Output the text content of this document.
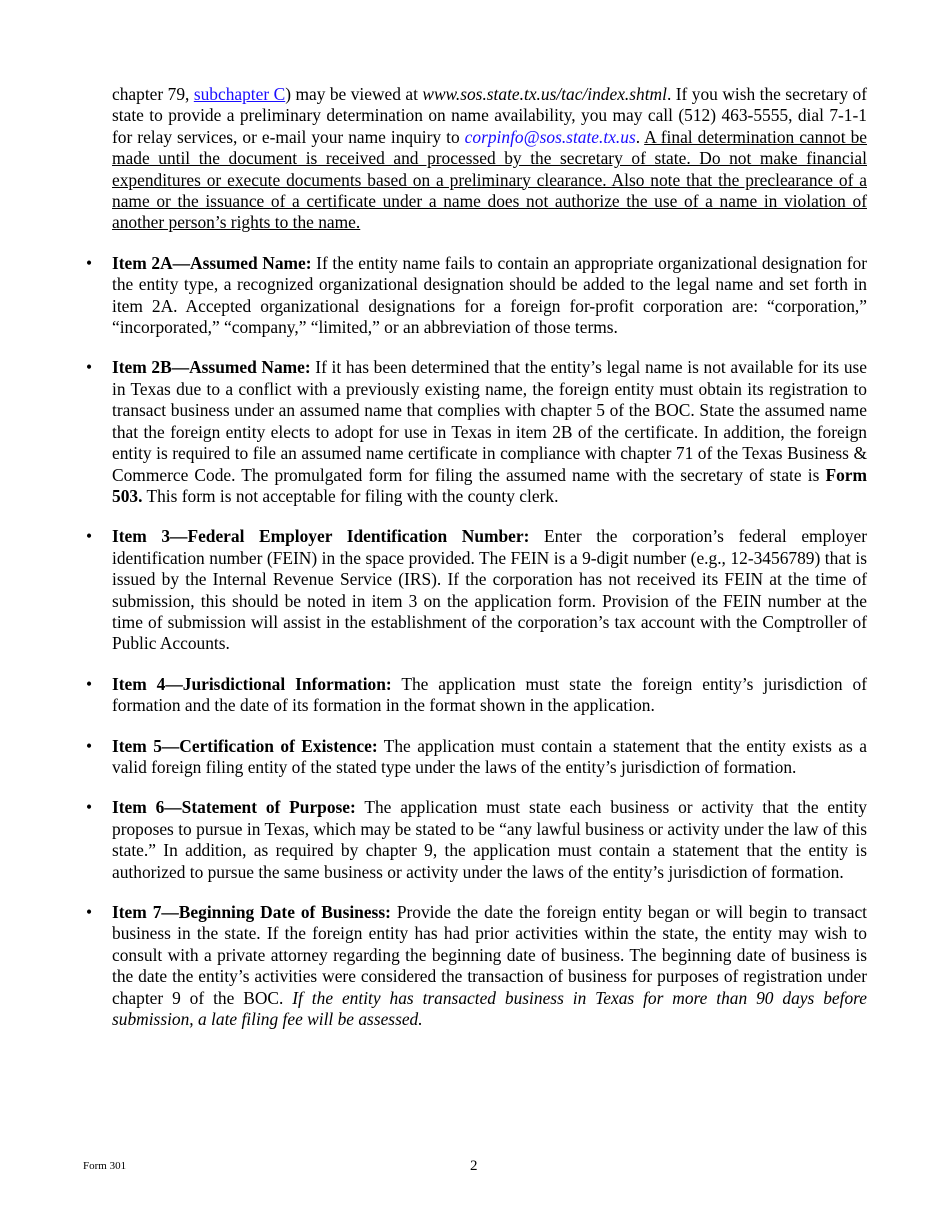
chapter 79, subchapter C) may be viewed at www.sos.state.tx.us/tac/index.shtml. If you wish the secretary of state to provide a preliminary determination on name availability, you may call (512) 463-5555, dial 7-1-1 for relay services, or e-mail your name inquiry to corpinfo@sos.state.tx.us. A final determination cannot be made until the document is received and processed by the secretary of state. Do not make financial expenditures or execute documents based on a preliminary clearance. Also note that the preclearance of a name or the issuance of a certificate under a name does not authorize the use of a name in violation of another person’s rights to the name.

• Item 2A—Assumed Name: If the entity name fails to contain an appropriate organizational designation for the entity type, a recognized organizational designation should be added to the legal name and set forth in item 2A. Accepted organizational designations for a foreign for-profit corporation are: “corporation,” “incorporated,” “company,” “limited,” or an abbreviation of those terms.
• Item 2B—Assumed Name: If it has been determined that the entity’s legal name is not available for its use in Texas due to a conflict with a previously existing name, the foreign entity must obtain its registration to transact business under an assumed name that complies with chapter 5 of the BOC. State the assumed name that the foreign entity elects to adopt for use in Texas in item 2B of the certificate. In addition, the foreign entity is required to file an assumed name certificate in compliance with chapter 71 of the Texas Business & Commerce Code. The promulgated form for filing the assumed name with the secretary of state is Form 503. This form is not acceptable for filing with the county clerk.
• Item 3—Federal Employer Identification Number: Enter the corporation’s federal employer identification number (FEIN) in the space provided. The FEIN is a 9-digit number (e.g., 12-3456789) that is issued by the Internal Revenue Service (IRS). If the corporation has not received its FEIN at the time of submission, this should be noted in item 3 on the application form. Provision of the FEIN number at the time of submission will assist in the establishment of the corporation’s tax account with the Comptroller of Public Accounts.
• Item 4—Jurisdictional Information: The application must state the foreign entity’s jurisdiction of formation and the date of its formation in the format shown in the application.
• Item 5—Certification of Existence: The application must contain a statement that the entity exists as a valid foreign filing entity of the stated type under the laws of the entity’s jurisdiction of formation.
• Item 6—Statement of Purpose: The application must state each business or activity that the entity proposes to pursue in Texas, which may be stated to be “any lawful business or activity under the law of this state.” In addition, as required by chapter 9, the application must contain a statement that the entity is authorized to pursue the same business or activity under the laws of the entity’s jurisdiction of formation.
• Item 7—Beginning Date of Business: Provide the date the foreign entity began or will begin to transact business in the state. If the foreign entity has had prior activities within the state, the entity may wish to consult with a private attorney regarding the beginning date of business. The beginning date of business is the date the entity’s activities were considered the transaction of business for purposes of registration under chapter 9 of the BOC. If the entity has transacted business in Texas for more than 90 days before submission, a late filing fee will be assessed.
Form 301	2
